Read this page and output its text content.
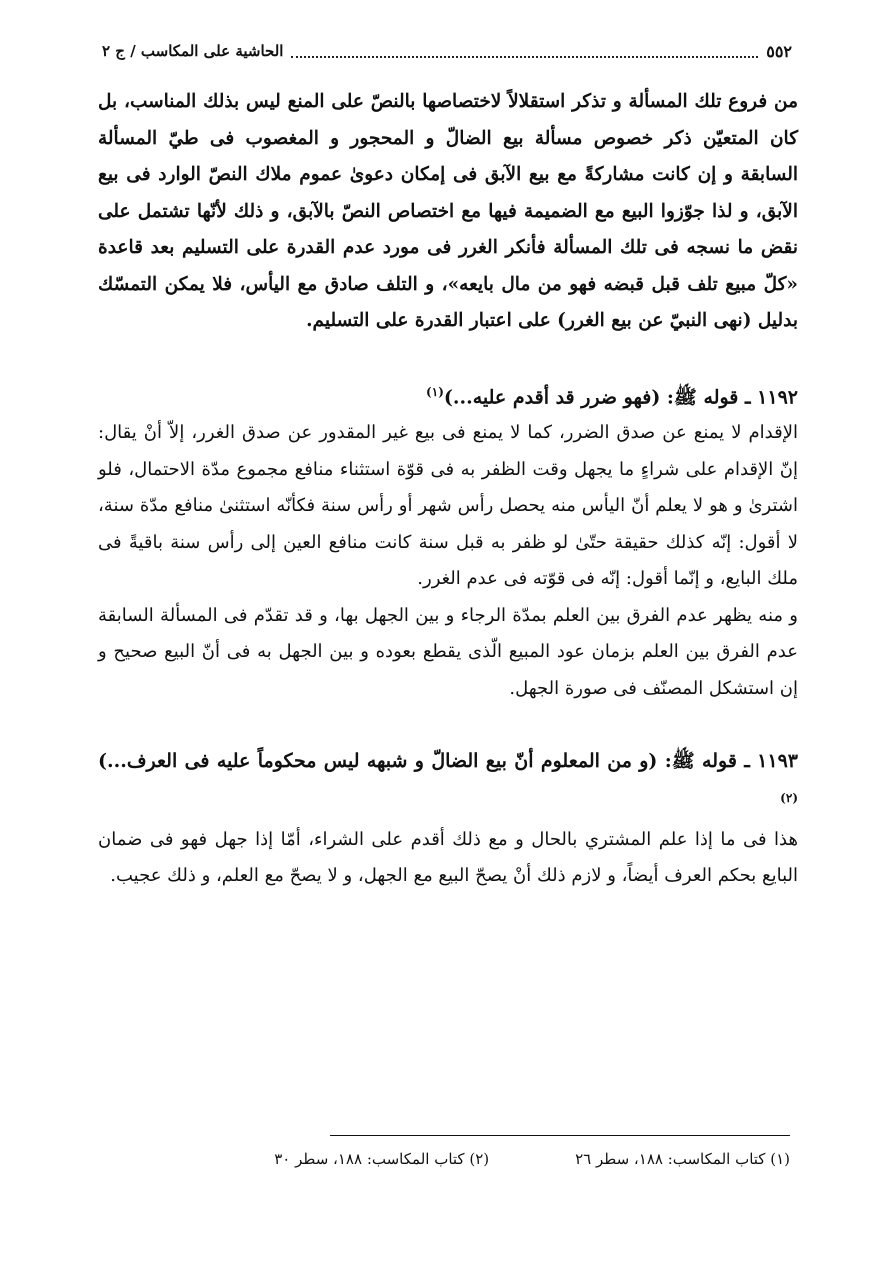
٥٥٢
الحاشية على المكاسب / ج ٢

من فروع تلك المسألة و تذكر استقلالاً لاختصاصها بالنصّ على المنع ليس بذلك المناسب، بل كان المتعيّن ذكر خصوص مسألة بيع الضالّ و المحجور و المغصوب فى طيّ المسألة السابقة و إن كانت مشاركةً مع بيع الآبق فى إمكان دعوىٰ عموم ملاك النصّ الوارد فى بيع الآبق، و لذا جوّزوا البيع مع الضميمة فيها مع اختصاص النصّ بالآبق، و ذلك لأنّها تشتمل على نقض ما نسجه فى تلك المسألة فأنكر الغرر فى مورد عدم القدرة على التسليم بعد قاعدة «كلّ مبيع تلف قبل قبضه فهو من مال بايعه»، و التلف صادق مع اليأس، فلا يمكن التمسّك بدليل (نهى النبيّ عن بيع الغرر) على اعتبار القدرة على التسليم.

١١٩٢ ـ قوله ﷺ: (فهو ضرر قد أقدم عليه...)$^{(١)}$

الإقدام لا يمنع عن صدق الضرر، كما لا يمنع فى بيع غير المقدور عن صدق الغرر، إلاّ أنْ يقال: إنّ الإقدام على شراءٍ ما يجهل وقت الظفر به فى قوّة استثناء منافع مجموع مدّة الاحتمال، فلو اشترىٰ و هو لا يعلم أنّ اليأس منه يحصل رأس شهر أو رأس سنة فكأنّه استثنىٰ منافع مدّة سنة، لا أقول: إنّه كذلك حقيقة حتّىٰ لو ظفر به قبل سنة كانت منافع العين إلى رأس سنة باقيةً فى ملك البايع، و إنّما أقول: إنّه فى قوّته فى عدم الغرر.

و منه يظهر عدم الفرق بين العلم بمدّة الرجاء و بين الجهل بها، و قد تقدّم فى المسألة السابقة عدم الفرق بين العلم بزمان عود المبيع الّذى يقطع بعوده و بين الجهل به فى أنّ البيع صحيح و إن استشكل المصنّف فى صورة الجهل.

١١٩٣ ـ قوله ﷺ: (و من المعلوم أنّ بيع الضالّ و شبهه ليس محكوماً عليه فى العرف...)$^{(٢)}$

هذا فى ما إذا علم المشتري بالحال و مع ذلك أقدم على الشراء، أمّا إذا جهل فهو فى ضمان البايع بحكم العرف أيضاً، و لازم ذلك أنْ يصحّ البيع مع الجهل، و لا يصحّ مع العلم، و ذلك عجيب.

(١) كتاب المكاسب: ١٨٨، سطر ٢٦
(٢) كتاب المكاسب: ١٨٨، سطر ٣٠
